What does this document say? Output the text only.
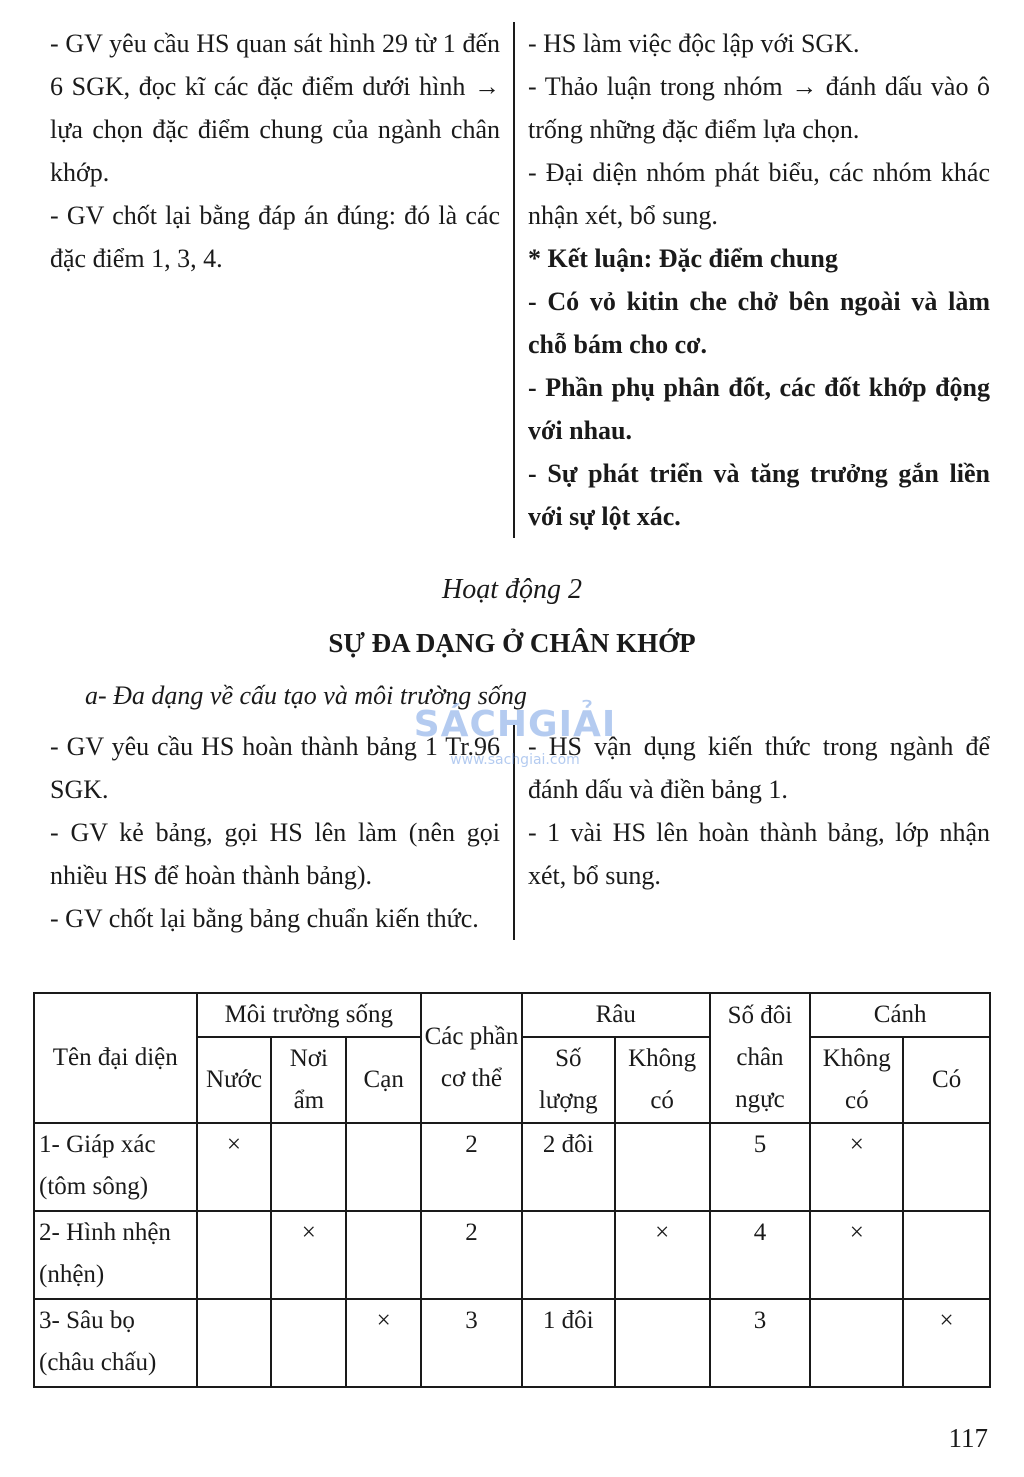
- GV yêu cầu HS quan sát hình 29 từ 1 đến 6 SGK, đọc kĩ các đặc điểm dưới hình → lựa chọn đặc điểm chung của ngành chân khớp.

- GV chốt lại bằng đáp án đúng: đó là các đặc điểm 1, 3, 4.

- HS làm việc độc lập với SGK.

- Thảo luận trong nhóm → đánh dấu vào ô trống những đặc điểm lựa chọn.

- Đại diện nhóm phát biểu, các nhóm khác nhận xét, bổ sung.

* Kết luận: Đặc điểm chung

- Có vỏ kitin che chở bên ngoài và làm chỗ bám cho cơ.

- Phần phụ phân đốt, các đốt khớp động với nhau.

- Sự phát triển và tăng trưởng gắn liền với sự lột xác.

Hoạt động 2
SỰ ĐA DẠNG Ở CHÂN KHỚP
a- Đa dạng về cấu tạo và môi trường sống

- GV yêu cầu HS hoàn thành bảng 1 Tr.96 SGK.

- GV kẻ bảng, gọi HS lên làm (nên gọi nhiều HS để hoàn thành bảng).

- GV chốt lại bằng bảng chuẩn kiến thức.

- HS vận dụng kiến thức trong ngành để đánh dấu và điền bảng 1.

- 1 vài HS lên hoàn thành bảng, lớp nhận xét, bổ sung.

SÁCHGIẢI
www.sachgiai.com
Tên đại diện	Môi trường sống			Các phần cơ thể	Râu		Số đôi chân ngực	Cánh	
	Nước	Nơi ẩm	Cạn		Số lượng	Không có		Không có	Có
1- Giáp xác (tôm sông)	×			2	2 đôi		5	×	
2- Hình nhện (nhện)		×		2		×	4	×	
3- Sâu bọ (châu chấu)			×	3	1 đôi		3		×
117
